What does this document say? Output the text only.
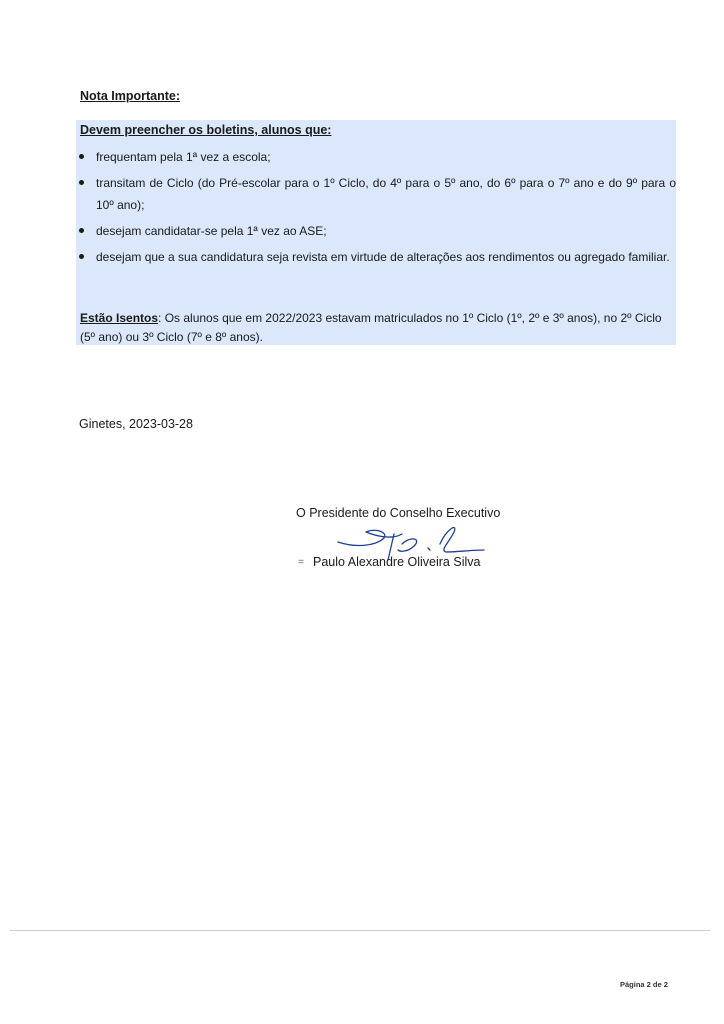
Nota Importante:
Devem preencher os boletins, alunos que:
frequentam pela 1ª vez a escola;
transitam de Ciclo (do Pré-escolar para o 1º Ciclo, do 4º para o 5º ano, do 6º para o 7º ano e do 9º para o 10º ano);
desejam candidatar-se pela 1ª vez ao ASE;
desejam que a sua candidatura seja revista em virtude de alterações aos rendimentos ou agregado familiar.
Estão Isentos: Os alunos que em 2022/2023 estavam matriculados no 1º Ciclo (1º, 2º e 3º anos), no 2º Ciclo (5º ano) ou 3º Ciclo (7º e 8º anos).
Ginetes, 2023-03-28
O Presidente do Conselho Executivo
= Paulo Alexandre Oliveira Silva
Página 2 de 2
